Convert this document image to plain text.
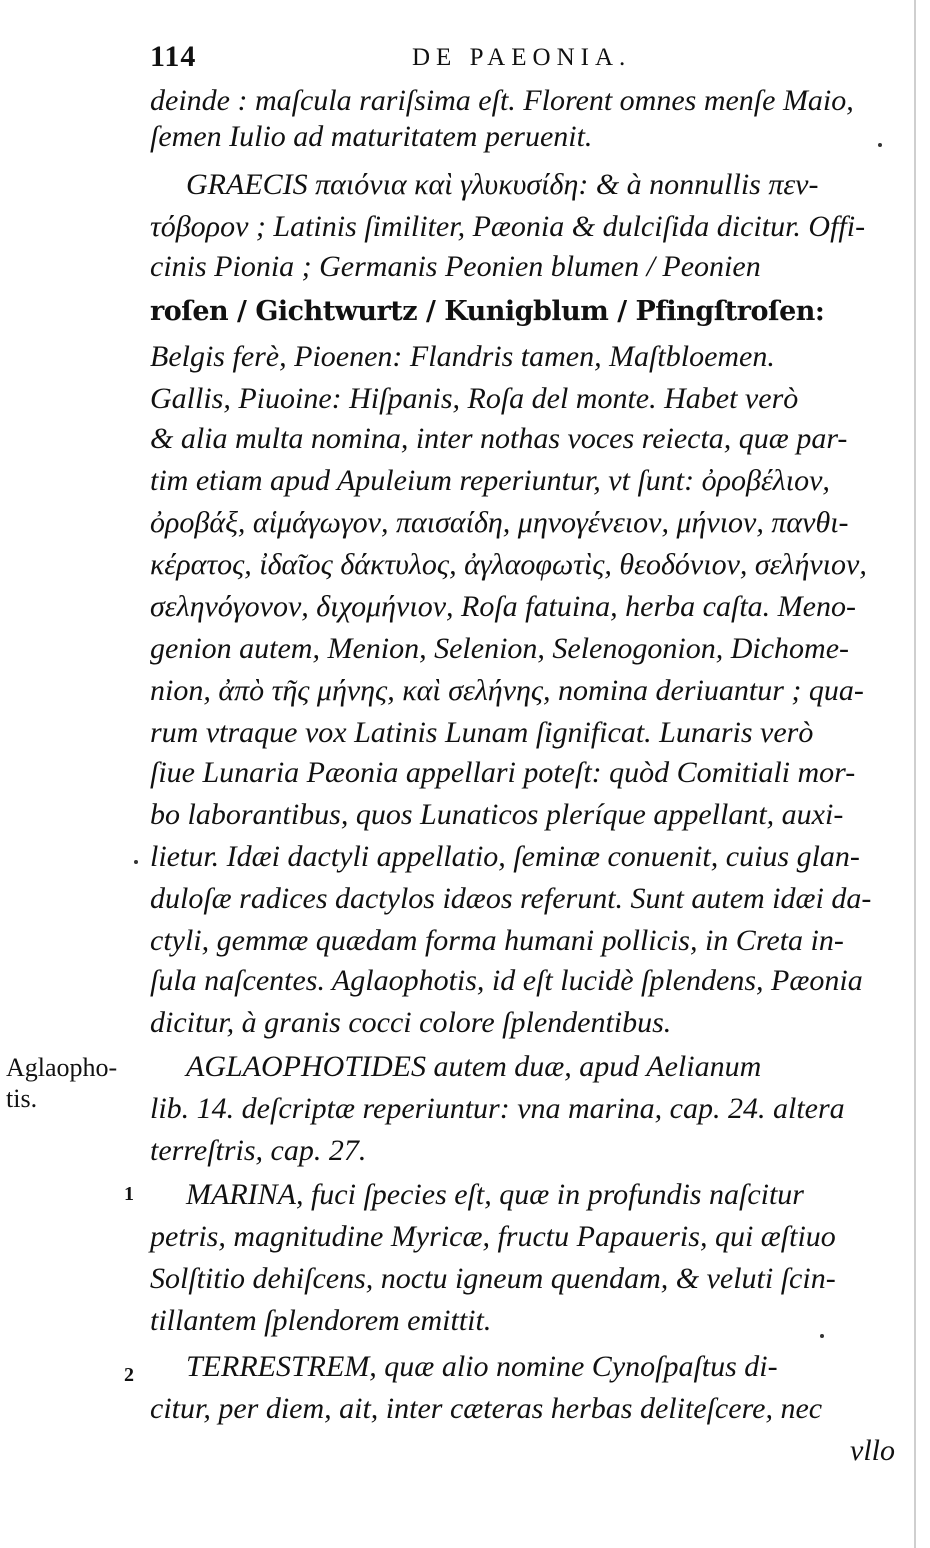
114	DE PAEONIA.
Aglaopho-
tis.
1
2
deinde : maſcula rariſsima eſt. Florent omnes menſe Maio,
ſemen Iulio ad maturitatem peruenit.
GRAECIS παιόνια καὶ γλυκυσίδη: & à nonnullis πεν-
τόβορον ; Latinis ſimiliter, Pæonia & dulciſida dicitur. Offi-
cinis Pionia ; Germanis Peonien blumen / Peonien
roſen / Gichtwurtz / Kunigblum / Pfingſtroſen:
Belgis ferè, Pioenen: Flandris tamen, Maſtbloemen.
Gallis, Piuoine: Hiſpanis, Roſa del monte. Habet verò
& alia multa nomina, inter nothas voces reiecta, quæ par-
tim etiam apud Apuleium reperiuntur, vt ſunt: ὀροβέλιον,
ὀροβάξ, αἱμάγωγον, παισαίδη, μηνογένειον, μήνιον, πανθι-
κέρατος, ἰδαῖος δάκτυλος, ἀγλαοφωτὶς, θεοδόνιον, σελήνιον,
σεληνόγονον, διχομήνιον, Roſa fatuina, herba caſta. Meno-
genion autem, Menion, Selenion, Selenogonion, Dichome-
nion, ἀπὸ τῆς μήνης, καὶ σελήνης, nomina deriuantur ; qua-
rum vtraque vox Latinis Lunam ſignificat. Lunaris verò
ſiue Lunaria Pæonia appellari poteſt: quòd Comitiali mor-
bo laborantibus, quos Lunaticos pleríque appellant, auxi-
lietur. Idæi dactyli appellatio, ſeminæ conuenit, cuius glan-
duloſæ radices dactylos idæos referunt. Sunt autem idæi da-
ctyli, gemmæ quædam forma humani pollicis, in Creta in-
ſula naſcentes. Aglaophotis, id eſt lucidè ſplendens, Pæonia
dicitur, à granis cocci colore ſplendentibus.
AGLAOPHOTIDES autem duæ, apud Aelianum
lib. 14. deſcriptæ reperiuntur: vna marina, cap. 24. altera
terreſtris, cap. 27.
MARINA, fuci ſpecies eſt, quæ in profundis naſcitur
petris, magnitudine Myricæ, fructu Papaueris, qui æſtiuo
Solſtitio dehiſcens, noctu igneum quendam, & veluti ſcin-
tillantem ſplendorem emittit.
TERRESTREM, quæ alio nomine Cynoſpaſtus di-
citur, per diem, ait, inter cæteras herbas deliteſcere, nec
vllo
